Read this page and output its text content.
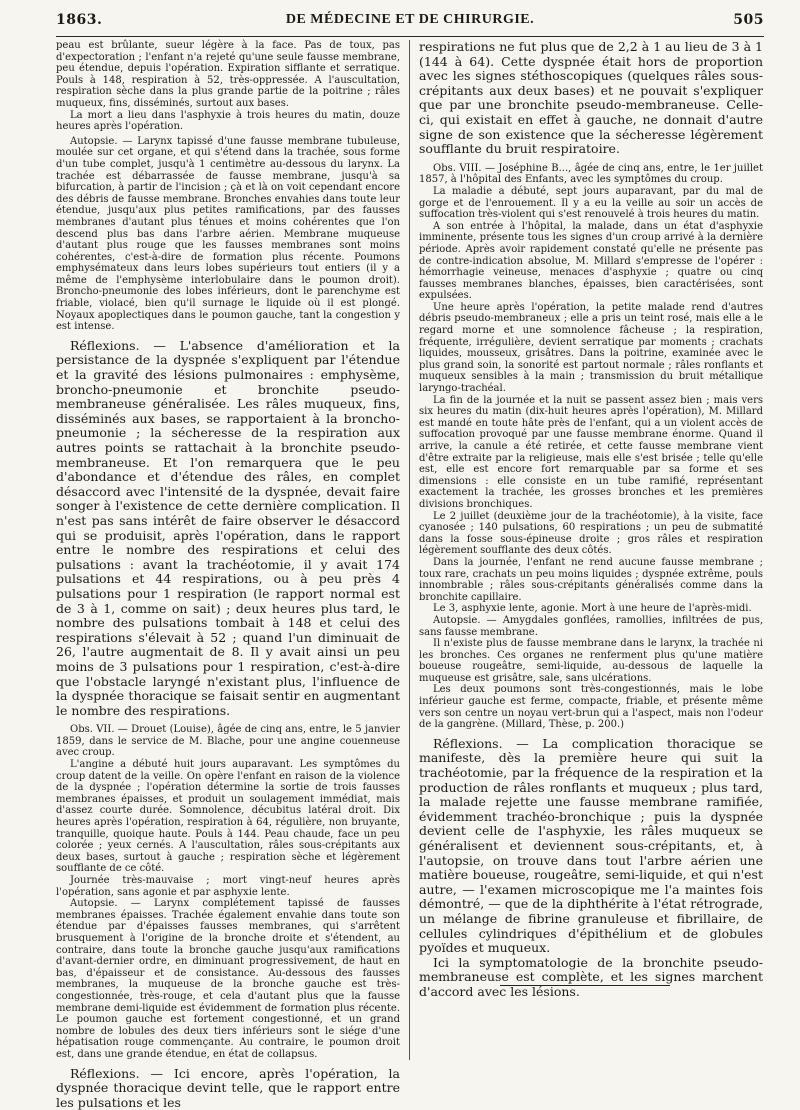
DE MÉDECINE ET DE CHIRURGIE.
1863.	505

peau est brûlante, sueur légère à la face. Pas de toux, pas d'expectoration ; l'enfant n'a rejeté qu'une seule fausse membrane, peu étendue, depuis l'opération. Expiration sifflante et serratique. Pouls à 148, respiration à 52, très-oppressée. A l'auscultation, respiration sèche dans la plus grande partie de la poitrine ; râles muqueux, fins, disséminés, surtout aux bases.

La mort a lieu dans l'asphyxie à trois heures du matin, douze heures après l'opération.

Autopsie. — Larynx tapissé d'une fausse membrane tubuleuse, moulée sur cet organe, et qui s'étend dans la trachée, sous forme d'un tube complet, jusqu'à 1 centimètre au-dessous du larynx. La trachée est débarrassée de fausse membrane, jusqu'à sa bifurcation, à partir de l'incision ; çà et là on voit cependant encore des débris de fausse membrane. Bronches envahies dans toute leur étendue, jusqu'aux plus petites ramifications, par des fausses membranes d'autant plus ténues et moins cohérentes que l'on descend plus bas dans l'arbre aérien. Membrane muqueuse d'autant plus rouge que les fausses membranes sont moins cohérentes, c'est-à-dire de formation plus récente. Poumons emphysémateux dans leurs lobes supérieurs tout entiers (il y a même de l'emphysème interlobulaire dans le poumon droit). Broncho-pneumonie des lobes inférieurs, dont le parenchyme est friable, violacé, bien qu'il surnage le liquide où il est plongé. Noyaux apoplectiques dans le poumon gauche, tant la congestion y est intense.

Réflexions. — L'absence d'amélioration et la persistance de la dyspnée s'expliquent par l'étendue et la gravité des lésions pulmonaires : emphysème, broncho-pneumonie et bronchite pseudo-membraneuse généralisée. Les râles muqueux, fins, disséminés aux bases, se rapportaient à la broncho-pneumonie ; la sécheresse de la respiration aux autres points se rattachait à la bronchite pseudo-membraneuse. Et l'on remarquera que le peu d'abondance et d'étendue des râles, en complet désaccord avec l'intensité de la dyspnée, devait faire songer à l'existence de cette dernière complication. Il n'est pas sans intérêt de faire observer le désaccord qui se produisit, après l'opération, dans le rapport entre le nombre des respirations et celui des pulsations : avant la trachéotomie, il y avait 174 pulsations et 44 respirations, ou à peu près 4 pulsations pour 1 respiration (le rapport normal est de 3 à 1, comme on sait) ; deux heures plus tard, le nombre des pulsations tombait à 148 et celui des respirations s'élevait à 52 ; quand l'un diminuait de 26, l'autre augmentait de 8. Il y avait ainsi un peu moins de 3 pulsations pour 1 respiration, c'est-à-dire que l'obstacle laryngé n'existant plus, l'influence de la dyspnée thoracique se faisait sentir en augmentant le nombre des respirations.

Obs. VII. — Drouet (Louise), âgée de cinq ans, entre, le 5 janvier 1859, dans le service de M. Blache, pour une angine couenneuse avec croup.

L'angine a débuté huit jours auparavant. Les symptômes du croup datent de la veille. On opère l'enfant en raison de la violence de la dyspnée ; l'opération détermine la sortie de trois fausses membranes épaisses, et produit un soulagement immédiat, mais d'assez courte durée. Somnolence, décubitus latéral droit. Dix heures après l'opération, respiration à 64, régulière, non bruyante, tranquille, quoique haute. Pouls à 144. Peau chaude, face un peu colorée ; yeux cernés. A l'auscultation, râles sous-crépitants aux deux bases, surtout à gauche ; respiration sèche et légèrement soufflante de ce côté.

Journée très-mauvaise ; mort vingt-neuf heures après l'opération, sans agonie et par asphyxie lente.

Autopsie. — Larynx complétement tapissé de fausses membranes épaisses. Trachée également envahie dans toute son étendue par d'épaisses fausses membranes, qui s'arrêtent brusquement à l'origine de la bronche droite et s'étendent, au contraire, dans toute la bronche gauche jusqu'aux ramifications d'avant-dernier ordre, en diminuant progressivement, de haut en bas, d'épaisseur et de consistance. Au-dessous des fausses membranes, la muqueuse de la bronche gauche est très-congestionnée, très-rouge, et cela d'autant plus que la fausse membrane demi-liquide est évidemment de formation plus récente. Le poumon gauche est fortement congestionné, et un grand nombre de lobules des deux tiers inférieurs sont le siége d'une hépatisation rouge commençante. Au contraire, le poumon droit est, dans une grande étendue, en état de collapsus.

Réflexions. — Ici encore, après l'opération, la dyspnée thoracique devint telle, que le rapport entre les pulsations et les

respirations ne fut plus que de 2,2 à 1 au lieu de 3 à 1 (144 à 64). Cette dyspnée était hors de proportion avec les signes stéthoscopiques (quelques râles sous-crépitants aux deux bases) et ne pouvait s'expliquer que par une bronchite pseudo-membraneuse. Celle-ci, qui existait en effet à gauche, ne donnait d'autre signe de son existence que la sécheresse légèrement soufflante du bruit respiratoire.

Obs. VIII. — Joséphine B..., âgée de cinq ans, entre, le 1er juillet 1857, à l'hôpital des Enfants, avec les symptômes du croup.

La maladie a débuté, sept jours auparavant, par du mal de gorge et de l'enrouement. Il y a eu la veille au soir un accès de suffocation très-violent qui s'est renouvelé à trois heures du matin.

A son entrée à l'hôpital, la malade, dans un état d'asphyxie imminente, présente tous les signes d'un croup arrivé à la dernière période. Après avoir rapidement constaté qu'elle ne présente pas de contre-indication absolue, M. Millard s'empresse de l'opérer : hémorrhagie veineuse, menaces d'asphyxie ; quatre ou cinq fausses membranes blanches, épaisses, bien caractérisées, sont expulsées.

Une heure après l'opération, la petite malade rend d'autres débris pseudo-membraneux ; elle a pris un teint rosé, mais elle a le regard morne et une somnolence fâcheuse ; la respiration, fréquente, irrégulière, devient serratique par moments ; crachats liquides, mousseux, grisâtres. Dans la poitrine, examinée avec le plus grand soin, la sonorité est partout normale ; râles ronflants et muqueux sensibles à la main ; transmission du bruit métallique laryngo-trachéal.

La fin de la journée et la nuit se passent assez bien ; mais vers six heures du matin (dix-huit heures après l'opération), M. Millard est mandé en toute hâte près de l'enfant, qui a un violent accès de suffocation provoqué par une fausse membrane énorme. Quand il arrive, la canule a été retirée, et cette fausse membrane vient d'être extraite par la religieuse, mais elle s'est brisée ; telle qu'elle est, elle est encore fort remarquable par sa forme et ses dimensions : elle consiste en un tube ramifié, représentant exactement la trachée, les grosses bronches et les premières divisions bronchiques.

Le 2 juillet (deuxième jour de la trachéotomie), à la visite, face cyanosée ; 140 pulsations, 60 respirations ; un peu de submatité dans la fosse sous-épineuse droite ; gros râles et respiration légèrement soufflante des deux côtés.

Dans la journée, l'enfant ne rend aucune fausse membrane ; toux rare, crachats un peu moins liquides ; dyspnée extrême, pouls innombrable ; râles sous-crépitants généralisés comme dans la bronchite capillaire.

Le 3, asphyxie lente, agonie. Mort à une heure de l'après-midi.

Autopsie. — Amygdales gonflées, ramollies, infiltrées de pus, sans fausse membrane.

Il n'existe plus de fausse membrane dans le larynx, la trachée ni les bronches. Ces organes ne renferment plus qu'une matière boueuse rougeâtre, semi-liquide, au-dessous de laquelle la muqueuse est grisâtre, sale, sans ulcérations.

Les deux poumons sont très-congestionnés, mais le lobe inférieur gauche est ferme, compacte, friable, et présente même vers son centre un noyau vert-brun qui a l'aspect, mais non l'odeur de la gangrène. (Millard, Thèse, p. 200.)

Réflexions. — La complication thoracique se manifeste, dès la première heure qui suit la trachéotomie, par la fréquence de la respiration et la production de râles ronflants et muqueux ; plus tard, la malade rejette une fausse membrane ramifiée, évidemment trachéo-bronchique ; puis la dyspnée devient celle de l'asphyxie, les râles muqueux se généralisent et deviennent sous-crépitants, et, à l'autopsie, on trouve dans tout l'arbre aérien une matière boueuse, rougeâtre, semi-liquide, et qui n'est autre, — l'examen microscopique me l'a maintes fois démontré, — que de la diphthérite à l'état rétrograde, un mélange de fibrine granuleuse et fibrillaire, de cellules cylindriques d'épithélium et de globules pyoïdes et muqueux.

Ici la symptomatologie de la bronchite pseudo-membraneuse est complète, et les signes marchent d'accord avec les lésions.
